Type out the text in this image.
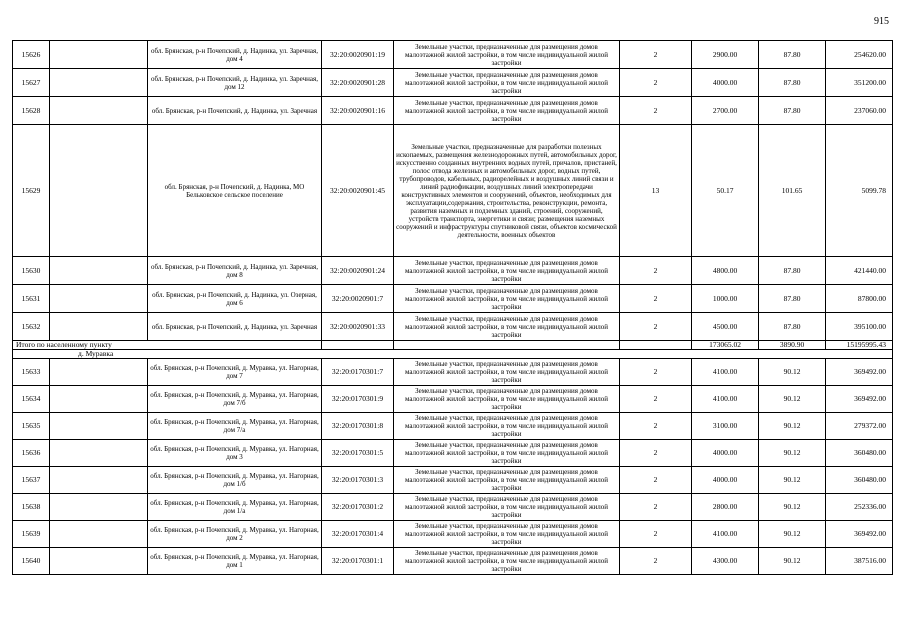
915
15626		обл. Брянская, р-н Почепский, д. Надинка, ул. Заречная, дом 4	32:20:0020901:19	Земельные участки, предназначенные для размещения домов малоэтажной жилой застройки, в том числе индивидуальной жилой застройки	2	2900.00	87.80	254620.00
15627		обл. Брянская, р-н Почепский, д. Надинка, ул. Заречная, дом 12	32:20:0020901:28	Земельные участки, предназначенные для размещения домов малоэтажной жилой застройки, в том числе индивидуальной жилой застройки	2	4000.00	87.80	351200.00
15628		обл. Брянская, р-н Почепский, д. Надинка, ул. Заречная	32:20:0020901:16	Земельные участки, предназначенные для размещения домов малоэтажной жилой застройки, в том числе индивидуальной жилой застройки	2	2700.00	87.80	237060.00
15629		обл. Брянская, р-н Почепский, д. Надинка, МО Бельковское сельское поселение	32:20:0020901:45	Земельные участки, предназначенные для разработки полезных ископаемых, размещения железнодорожных путей, автомобильных дорог, искусственно созданных внутренних водных путей, причалов, пристаней, полос отвода железных и автомобильных дорог, водных путей, трубопроводов, кабельных, радиорелейных и воздушных линий связи и линий радиофикации, воздушных линий электропередачи конструктивных элементов и сооружений, объектов, необходимых для эксплуатации,содержания, строительства, реконструкции, ремонта, развития наземных и подземных зданий, строений, сооружений, устройств транспорта, энергетики и связи; размещения наземных сооружений и инфраструктуры спутниковой связи, объектов космической деятельности, военных объектов	13	50.17	101.65	5099.78
15630		обл. Брянская, р-н Почепский, д. Надинка, ул. Заречная, дом 8	32:20:0020901:24	Земельные участки, предназначенные для размещения домов малоэтажной жилой застройки, в том числе индивидуальной жилой застройки	2	4800.00	87.80	421440.00
15631		обл. Брянская, р-н Почепский, д. Надинка, ул. Озерная, дом 6	32:20:0020901:7	Земельные участки, предназначенные для размещения домов малоэтажной жилой застройки, в том числе индивидуальной жилой застройки	2	1000.00	87.80	87800.00
15632		обл. Брянская, р-н Почепский, д. Надинка, ул. Заречная	32:20:0020901:33	Земельные участки, предназначенные для размещения домов малоэтажной жилой застройки, в том числе индивидуальной жилой застройки	2	4500.00	87.80	395100.00
Итого по населенному пункту						173065.02	3890.90	15195995.43
д. Муравка								
15633		обл. Брянская, р-н Почепский, д. Муравка, ул. Нагорная, дом 7	32:20:0170301:7	Земельные участки, предназначенные для размещения домов малоэтажной жилой застройки, в том числе индивидуальной жилой застройки	2	4100.00	90.12	369492.00
15634		обл. Брянская, р-н Почепский, д. Муравка, ул. Нагорная, дом 7/б	32:20:0170301:9	Земельные участки, предназначенные для размещения домов малоэтажной жилой застройки, в том числе индивидуальной жилой застройки	2	4100.00	90.12	369492.00
15635		обл. Брянская, р-н Почепский, д. Муравка, ул. Нагорная, дом 7/а	32:20:0170301:8	Земельные участки, предназначенные для размещения домов малоэтажной жилой застройки, в том числе индивидуальной жилой застройки	2	3100.00	90.12	279372.00
15636		обл. Брянская, р-н Почепский, д. Муравка, ул. Нагорная, дом 3	32:20:0170301:5	Земельные участки, предназначенные для размещения домов малоэтажной жилой застройки, в том числе индивидуальной жилой застройки	2	4000.00	90.12	360480.00
15637		обл. Брянская, р-н Почепский, д. Муравка, ул. Нагорная, дом 1/б	32:20:0170301:3	Земельные участки, предназначенные для размещения домов малоэтажной жилой застройки, в том числе индивидуальной жилой застройки	2	4000.00	90.12	360480.00
15638		обл. Брянская, р-н Почепский, д. Муравка, ул. Нагорная, дом 1/а	32:20:0170301:2	Земельные участки, предназначенные для размещения домов малоэтажной жилой застройки, в том числе индивидуальной жилой застройки	2	2800.00	90.12	252336.00
15639		обл. Брянская, р-н Почепский, д. Муравка, ул. Нагорная, дом 2	32:20:0170301:4	Земельные участки, предназначенные для размещения домов малоэтажной жилой застройки, в том числе индивидуальной жилой застройки	2	4100.00	90.12	369492.00
15640		обл. Брянская, р-н Почепский, д. Муравка, ул. Нагорная, дом 1	32:20:0170301:1	Земельные участки, предназначенные для размещения домов малоэтажной жилой застройки, в том числе индивидуальной жилой застройки	2	4300.00	90.12	387516.00
